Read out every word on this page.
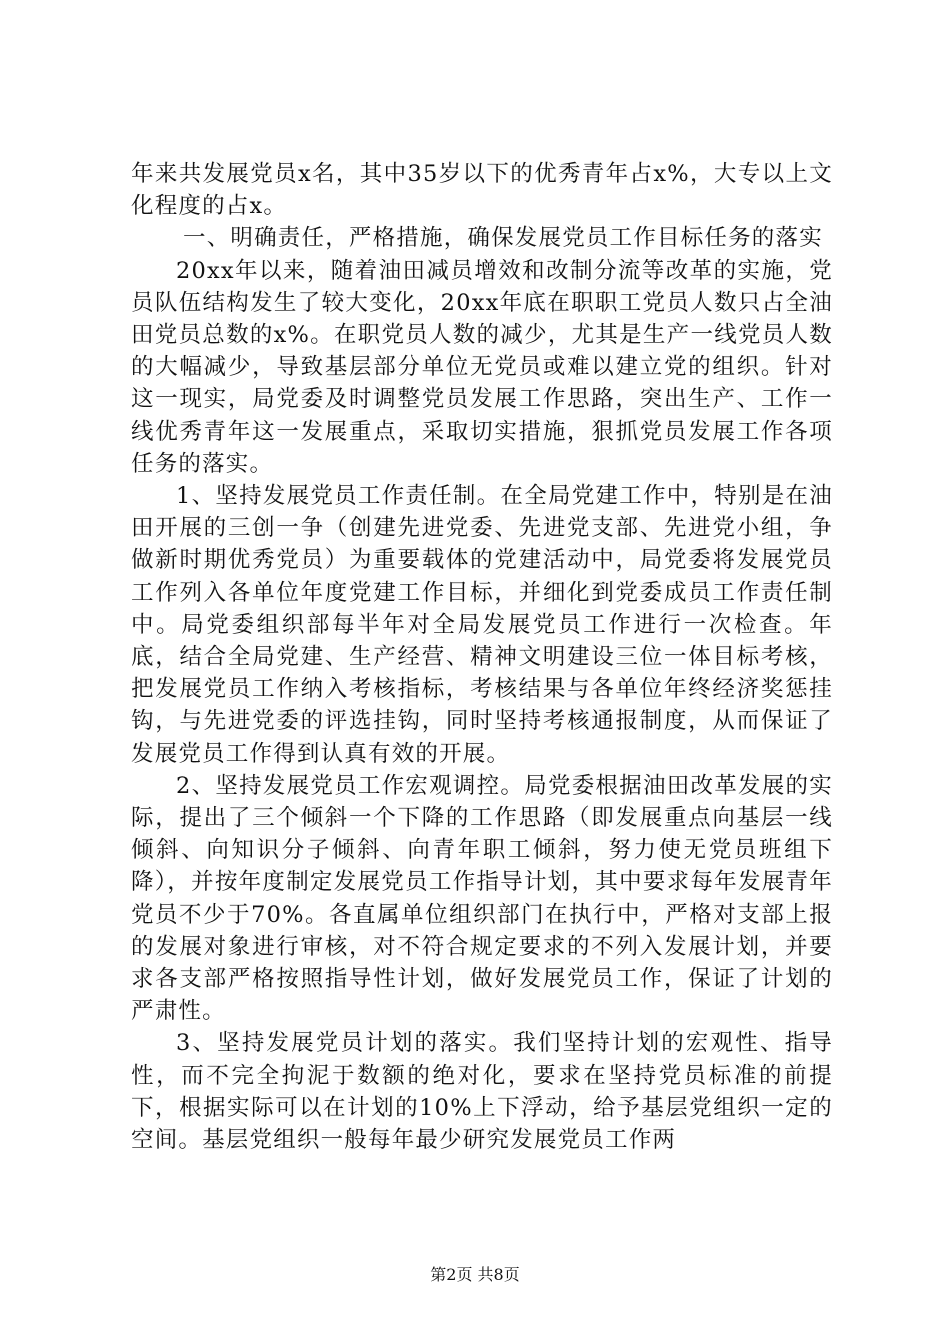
年来共发展党员x名，其中35岁以下的优秀青年占x%，大专以上文化程度的占x。

一、明确责任，严格措施，确保发展党员工作目标任务的落实

20xx年以来，随着油田减员增效和改制分流等改革的实施，党员队伍结构发生了较大变化，20xx年底在职职工党员人数只占全油田党员总数的x%。在职党员人数的减少，尤其是生产一线党员人数的大幅减少，导致基层部分单位无党员或难以建立党的组织。针对这一现实，局党委及时调整党员发展工作思路，突出生产、工作一线优秀青年这一发展重点，采取切实措施，狠抓党员发展工作各项任务的落实。

1、坚持发展党员工作责任制。在全局党建工作中，特别是在油田开展的三创一争（创建先进党委、先进党支部、先进党小组，争做新时期优秀党员）为重要载体的党建活动中，局党委将发展党员工作列入各单位年度党建工作目标，并细化到党委成员工作责任制中。局党委组织部每半年对全局发展党员工作进行一次检查。年底，结合全局党建、生产经营、精神文明建设三位一体目标考核，把发展党员工作纳入考核指标，考核结果与各单位年终经济奖惩挂钩，与先进党委的评选挂钩，同时坚持考核通报制度，从而保证了发展党员工作得到认真有效的开展。

2、坚持发展党员工作宏观调控。局党委根据油田改革发展的实际，提出了三个倾斜一个下降的工作思路（即发展重点向基层一线倾斜、向知识分子倾斜、向青年职工倾斜，努力使无党员班组下降），并按年度制定发展党员工作指导计划，其中要求每年发展青年党员不少于70%。各直属单位组织部门在执行中，严格对支部上报的发展对象进行审核，对不符合规定要求的不列入发展计划，并要求各支部严格按照指导性计划，做好发展党员工作，保证了计划的严肃性。

3、坚持发展党员计划的落实。我们坚持计划的宏观性、指导性，而不完全拘泥于数额的绝对化，要求在坚持党员标准的前提下，根据实际可以在计划的10%上下浮动，给予基层党组织一定的空间。基层党组织一般每年最少研究发展党员工作两

第2页 共8页
